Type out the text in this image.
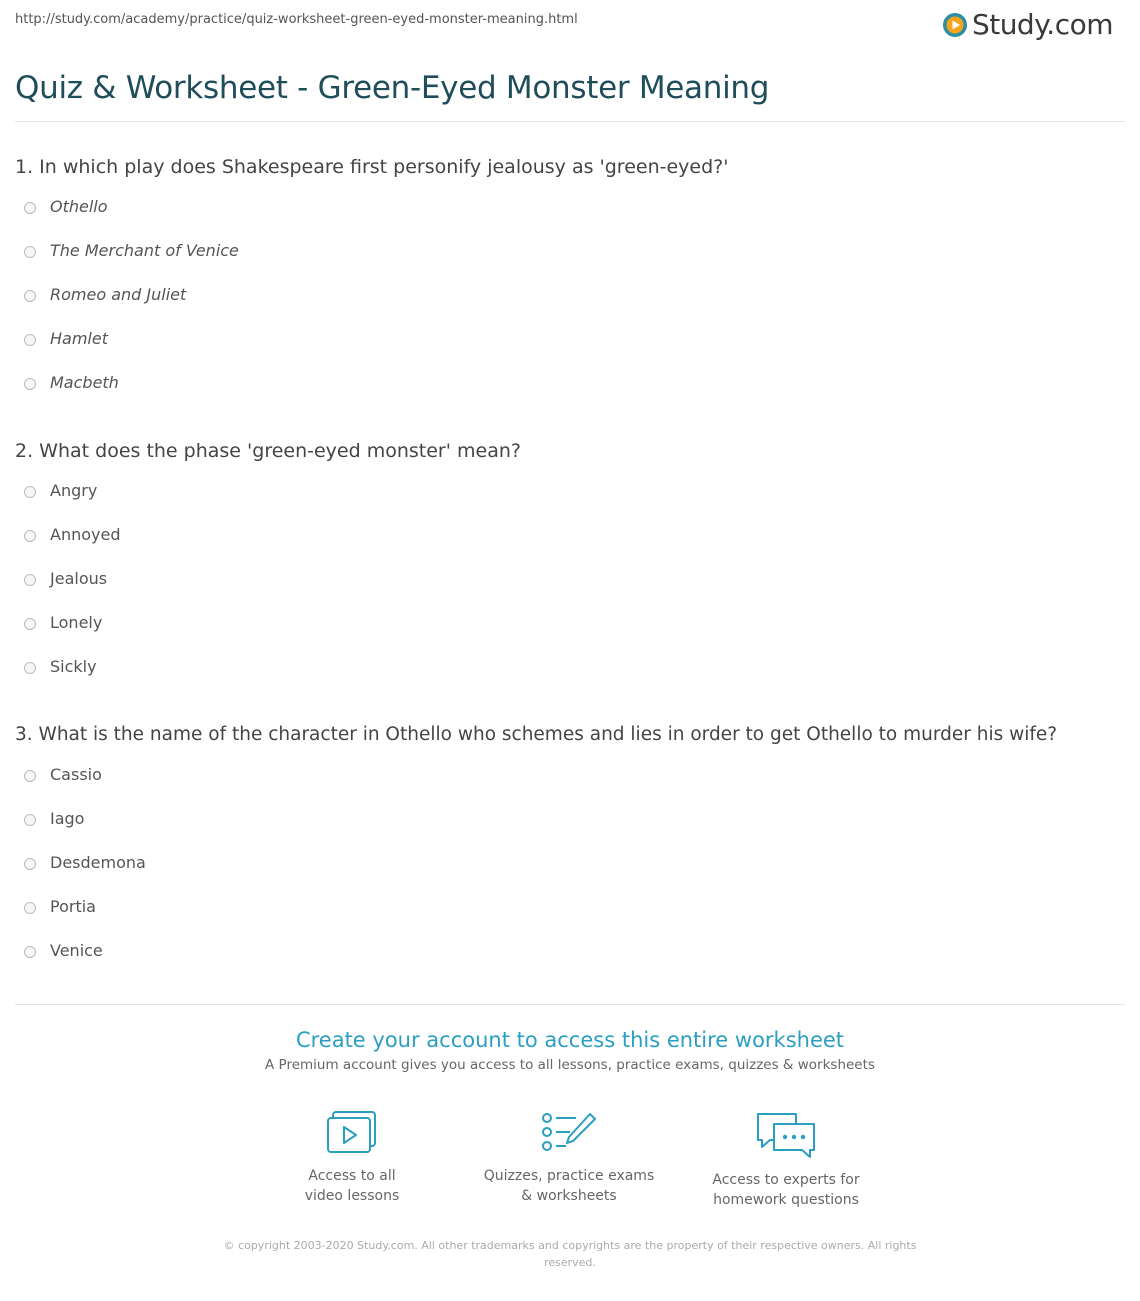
http://study.com/academy/practice/quiz-worksheet-green-eyed-monster-meaning.html	Study.com
Quiz & Worksheet - Green-Eyed Monster Meaning

1. In which play does Shakespeare first personify jealousy as 'green-eyed?'

Othello
The Merchant of Venice
Romeo and Juliet
Hamlet
Macbeth

2. What does the phase 'green-eyed monster' mean?

Angry
Annoyed
Jealous
Lonely
Sickly

3. What is the name of the character in Othello who schemes and lies in order to get Othello to murder his wife?

Cassio
Iago
Desdemona
Portia
Venice
Create your account to access this entire worksheet
A Premium account gives you access to all lessons, practice exams, quizzes & worksheets
Access to all
video lessons
Quizzes, practice exams
& worksheets
Access to experts for
homework questions
© copyright 2003-2020 Study.com. All other trademarks and copyrights are the property of their respective owners. All rights reserved.
